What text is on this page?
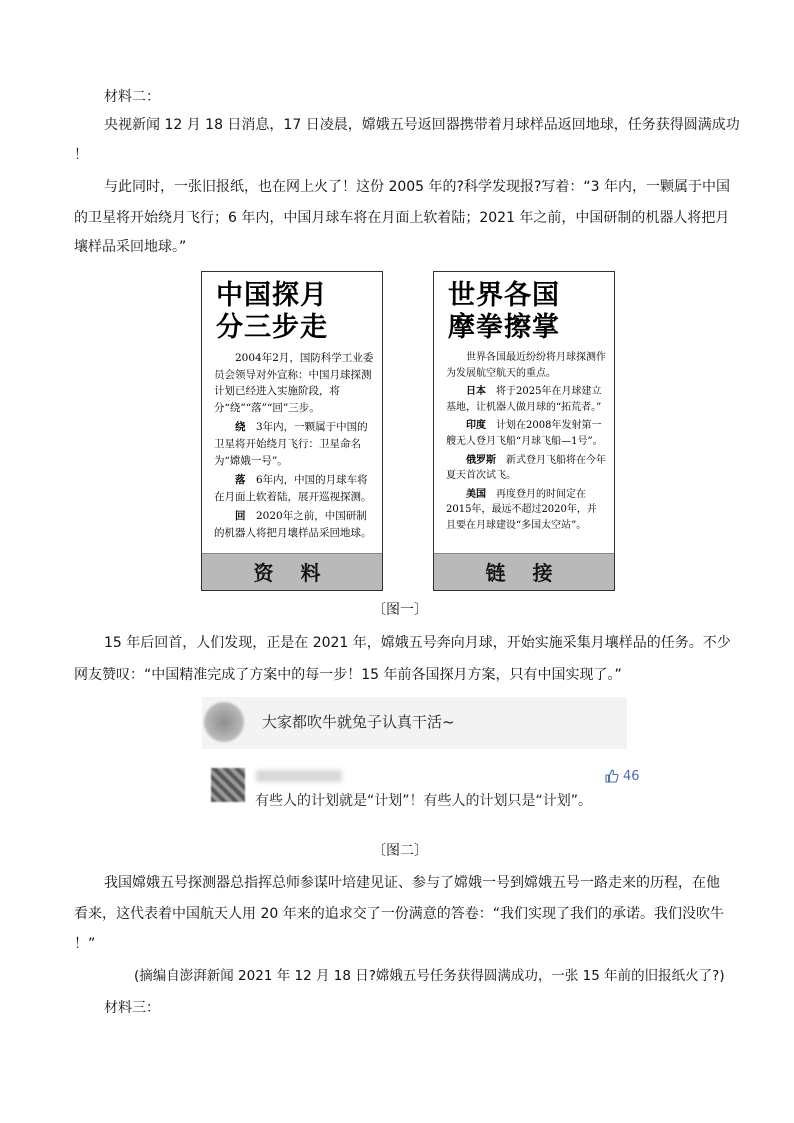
材料二：

央视新闻 12 月 18 日消息，17 日凌晨，嫦娥五号返回器携带着月球样品返回地球，任务获得圆满成功

！

与此同时，一张旧报纸，也在网上火了！这份 2005 年的?科学发现报?写着：“3 年内，一颗属于中国

的卫星将开始绕月飞行；6 年内，中国月球车将在月面上软着陆；2021 年之前，中国研制的机器人将把月

壤样品采回地球。”

中国探月
分三步走

2004年2月，国防科学工业委员会领导对外宣称：中国月球探测计划已经进入实施阶段，将分“绕”“落”“回”三步。

绕　 3年内，一颗属于中国的卫星将开始绕月飞行：卫星命名为“嫦娥一号”。

落　 6年内，中国的月球车将在月面上软着陆，展开巡视探测。

回　 2020年之前，中国研制的机器人将把月壤样品采回地球。

资 料
世界各国
摩拳擦掌

世界各国最近纷纷将月球探测作为发展航空航天的重点。

日本　 将于2025年在月球建立基地，让机器人做月球的“拓荒者。”

印度　 计划在2008年发射第一艘无人登月飞船“月球飞船—1号”。

俄罗斯　 新式登月飞船将在今年夏天首次试飞。

美国　 再度登月的时间定在2015年，最远不超过2020年，并且要在月球建设“多国太空站”。

链 接
〔图一〕

15 年后回首，人们发现，正是在 2021 年，嫦娥五号奔向月球，开始实施采集月壤样品的任务。不少

网友赞叹：“中国精准完成了方案中的每一步！15 年前各国探月方案，只有中国实现了。”

大家都吹牛就兔子认真干活~
46
有些人的计划就是“计划”！有些人的计划只是“计划”。
〔图二〕

我国嫦娥五号探测器总指挥总师参谋叶培建见证、参与了嫦娥一号到嫦娥五号一路走来的历程，在他

看来，这代表着中国航天人用 20 年来的追求交了一份满意的答卷：“我们实现了我们的承诺。我们没吹牛

！”

(摘编自澎湃新闻 2021 年 12 月 18 日?嫦娥五号任务获得圆满成功，一张 15 年前的旧报纸火了?)

材料三：
